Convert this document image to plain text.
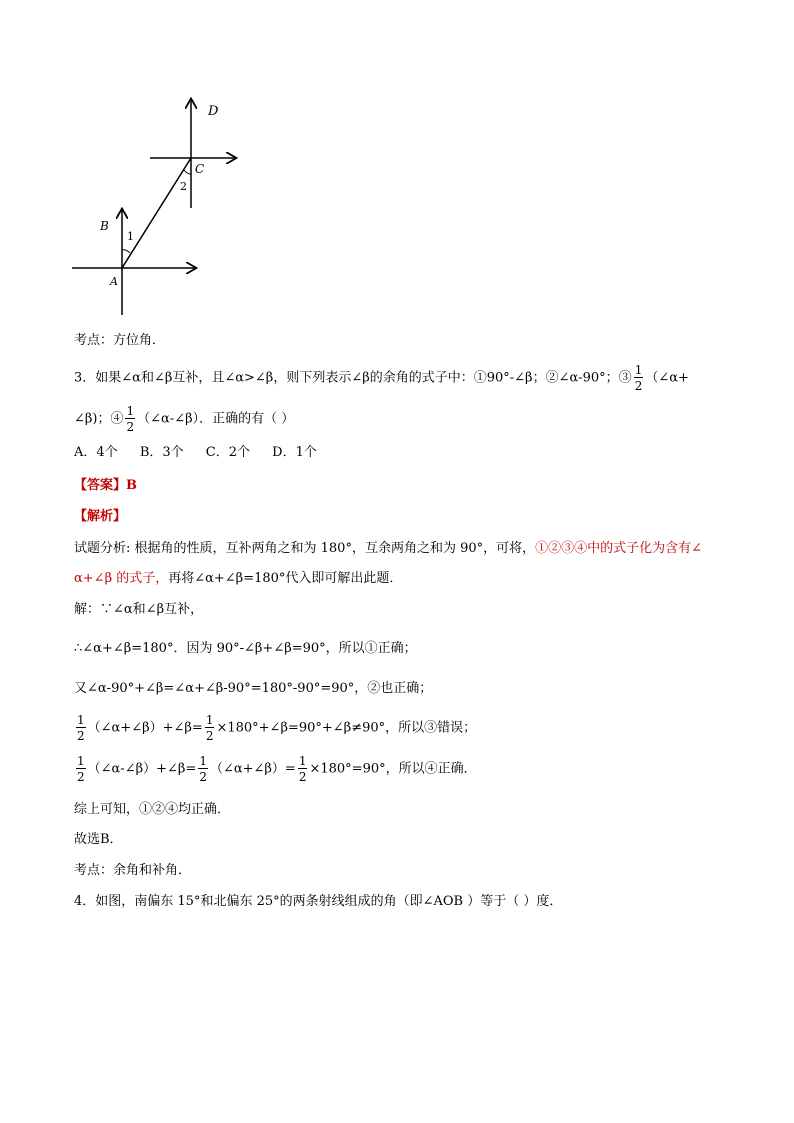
D
C
2
B
1
A
考点：方位角．
3．如果∠α和∠β互补，且∠α>∠β，则下列表示∠β的余角的式子中：①90°-∠β；②∠α-90°；③ $\frac{1}{2}$ （∠α+
∠β)；④ $\frac{1}{2}$ （∠α-∠β）．正确的有（ ）
A．4个 B．3个 C．2个 D．1个
【答案】B
【解析】
试题分析: 根据角的性质，互补两角之和为 180°，互余两角之和为 90°，可将，①②③④中的式子化为含有∠
α+∠β 的式子，再将∠α+∠β=180°代入即可解出此题．
解：∵∠α和∠β互补，
∴∠α+∠β=180°．因为 90°-∠β+∠β=90°，所以①正确；
又∠α-90°+∠β=∠α+∠β-90°=180°-90°=90°，②也正确；
$\frac{1}{2}$ （∠α+∠β）+∠β= $\frac{1}{2}$ ×180°+∠β=90°+∠β≠90°，所以③错误；
$\frac{1}{2}$ （∠α-∠β）+∠β= $\frac{1}{2}$ （∠α+∠β）= $\frac{1}{2} \times 180^\circ=90^\circ$，所以④正确．
综上可知，①②④均正确．
故选B．
考点：余角和补角．
4．如图，南偏东 15°和北偏东 25°的两条射线组成的角（即∠AOB ）等于（ ）度．
